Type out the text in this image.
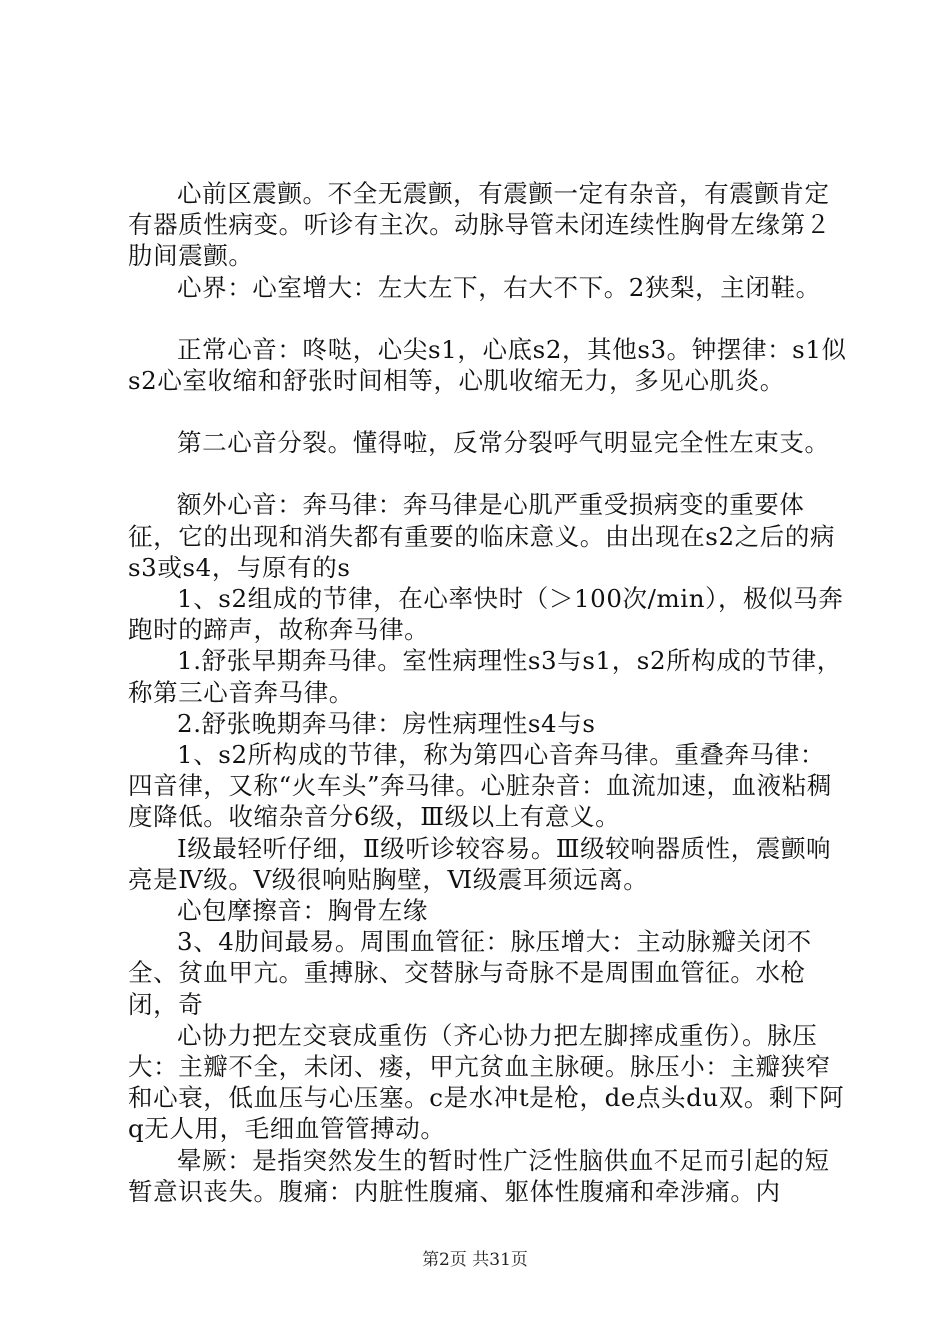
心前区震颤。不全无震颤，有震颤一定有杂音，有震颤肯定有器质性病变。听诊有主次。动脉导管未闭连续性胸骨左缘第２肋间震颤。

心界：心室增大：左大左下，右大不下。2狭梨，主闭鞋。

正常心音：咚哒，心尖s1，心底s2，其他s3。钟摆律：s1似s2心室收缩和舒张时间相等，心肌收缩无力，多见心肌炎。

第二心音分裂。懂得啦，反常分裂呼气明显完全性左束支。

额外心音：奔马律：奔马律是心肌严重受损病变的重要体征，它的出现和消失都有重要的临床意义。由出现在s2之后的病s3或s4，与原有的s

1、s2组成的节律，在心率快时（＞100次/min），极似马奔跑时的蹄声，故称奔马律。

1.舒张早期奔马律。室性病理性s3与s1，s2所构成的节律，称第三心音奔马律。

2.舒张晚期奔马律：房性病理性s4与s

1、s2所构成的节律，称为第四心音奔马律。重叠奔马律：四音律，又称“火车头”奔马律。心脏杂音：血流加速，血液粘稠度降低。收缩杂音分6级，Ⅲ级以上有意义。

Ⅰ级最轻听仔细，Ⅱ级听诊较容易。Ⅲ级较响器质性，震颤响亮是Ⅳ级。Ⅴ级很响贴胸壁，Ⅵ级震耳须远离。

心包摩擦音：胸骨左缘

3、4肋间最易。周围血管征：脉压增大：主动脉瓣关闭不全、贫血甲亢。重搏脉、交替脉与奇脉不是周围血管征。水枪闭，奇

心协力把左交衰成重伤（齐心协力把左脚摔成重伤）。脉压大：主瓣不全，未闭、瘘，甲亢贫血主脉硬。脉压小：主瓣狭窄和心衰，低血压与心压塞。c是水冲t是枪，de点头du双。剩下阿q无人用，毛细血管管搏动。

晕厥：是指突然发生的暂时性广泛性脑供血不足而引起的短暂意识丧失。腹痛：内脏性腹痛、躯体性腹痛和牵涉痛。内

第2页 共31页
